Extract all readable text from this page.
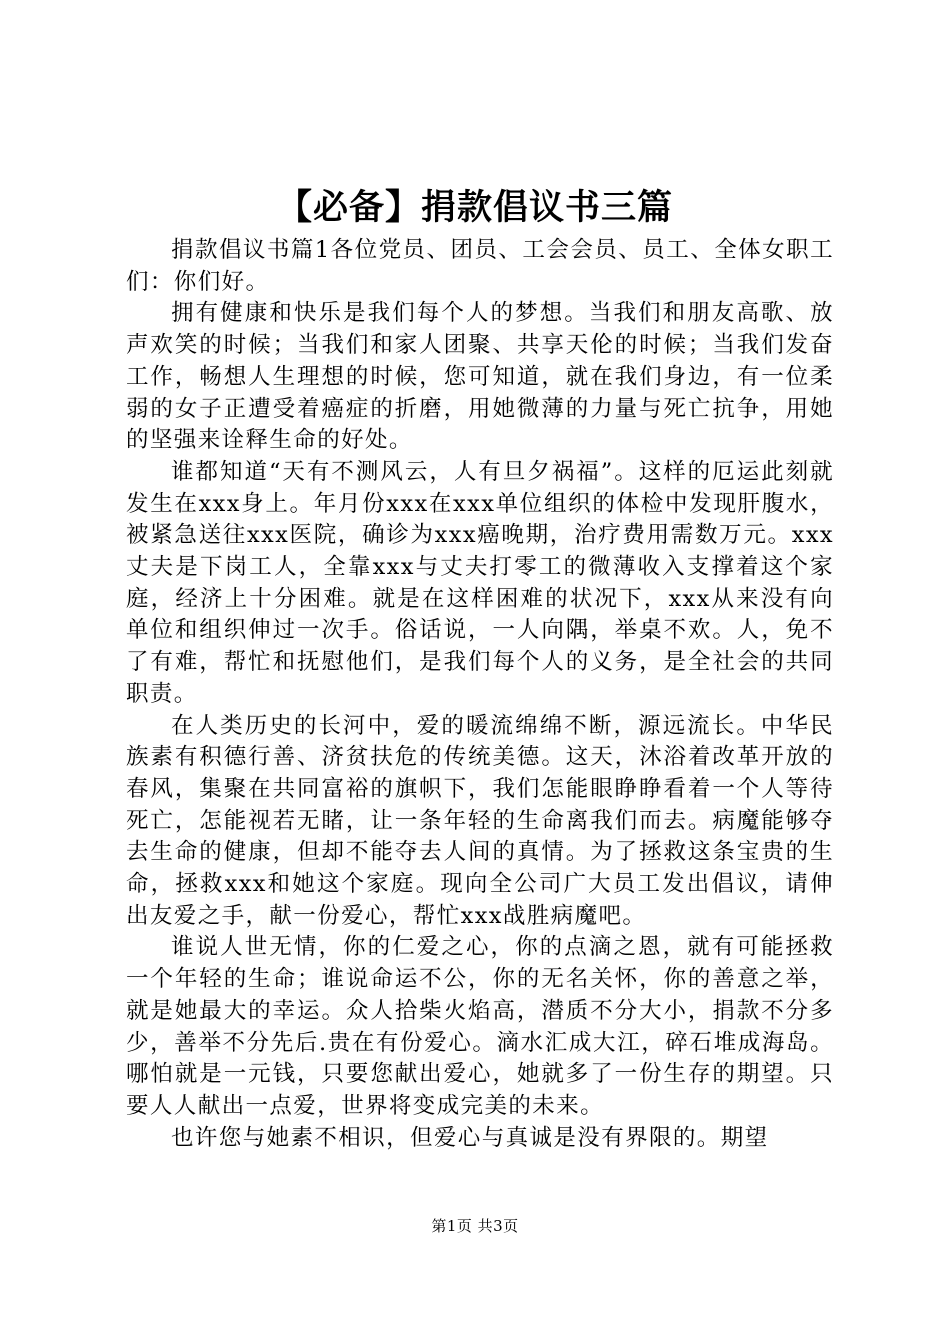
【必备】捐款倡议书三篇

捐款倡议书篇1各位党员、团员、工会会员、员工、全体女职工们：你们好。

拥有健康和快乐是我们每个人的梦想。当我们和朋友高歌、放声欢笑的时候；当我们和家人团聚、共享天伦的时候；当我们发奋工作，畅想人生理想的时候，您可知道，就在我们身边，有一位柔弱的女子正遭受着癌症的折磨，用她微薄的力量与死亡抗争，用她的坚强来诠释生命的好处。

谁都知道“天有不测风云，人有旦夕祸福”。这样的厄运此刻就发生在xxx身上。年月份xxx在xxx单位组织的体检中发现肝腹水，被紧急送往xxx医院，确诊为xxx癌晚期，治疗费用需数万元。xxx丈夫是下岗工人，全靠xxx与丈夫打零工的微薄收入支撑着这个家庭，经济上十分困难。就是在这样困难的状况下，xxx从来没有向单位和组织伸过一次手。俗话说，一人向隅，举桌不欢。人，免不了有难，帮忙和抚慰他们，是我们每个人的义务，是全社会的共同职责。

在人类历史的长河中，爱的暖流绵绵不断，源远流长。中华民族素有积德行善、济贫扶危的传统美德。这天，沐浴着改革开放的春风，集聚在共同富裕的旗帜下，我们怎能眼睁睁看着一个人等待死亡，怎能视若无睹，让一条年轻的生命离我们而去。病魔能够夺去生命的健康，但却不能夺去人间的真情。为了拯救这条宝贵的生命，拯救xxx和她这个家庭。现向全公司广大员工发出倡议，请伸出友爱之手，献一份爱心，帮忙xxx战胜病魔吧。

谁说人世无情，你的仁爱之心，你的点滴之恩，就有可能拯救一个年轻的生命；谁说命运不公，你的无名关怀，你的善意之举，就是她最大的幸运。众人拾柴火焰高，潜质不分大小，捐款不分多少，善举不分先后.贵在有份爱心。滴水汇成大江，碎石堆成海岛。哪怕就是一元钱，只要您献出爱心，她就多了一份生存的期望。只要人人献出一点爱，世界将变成完美的未来。

也许您与她素不相识，但爱心与真诚是没有界限的。期望

第1页 共3页
